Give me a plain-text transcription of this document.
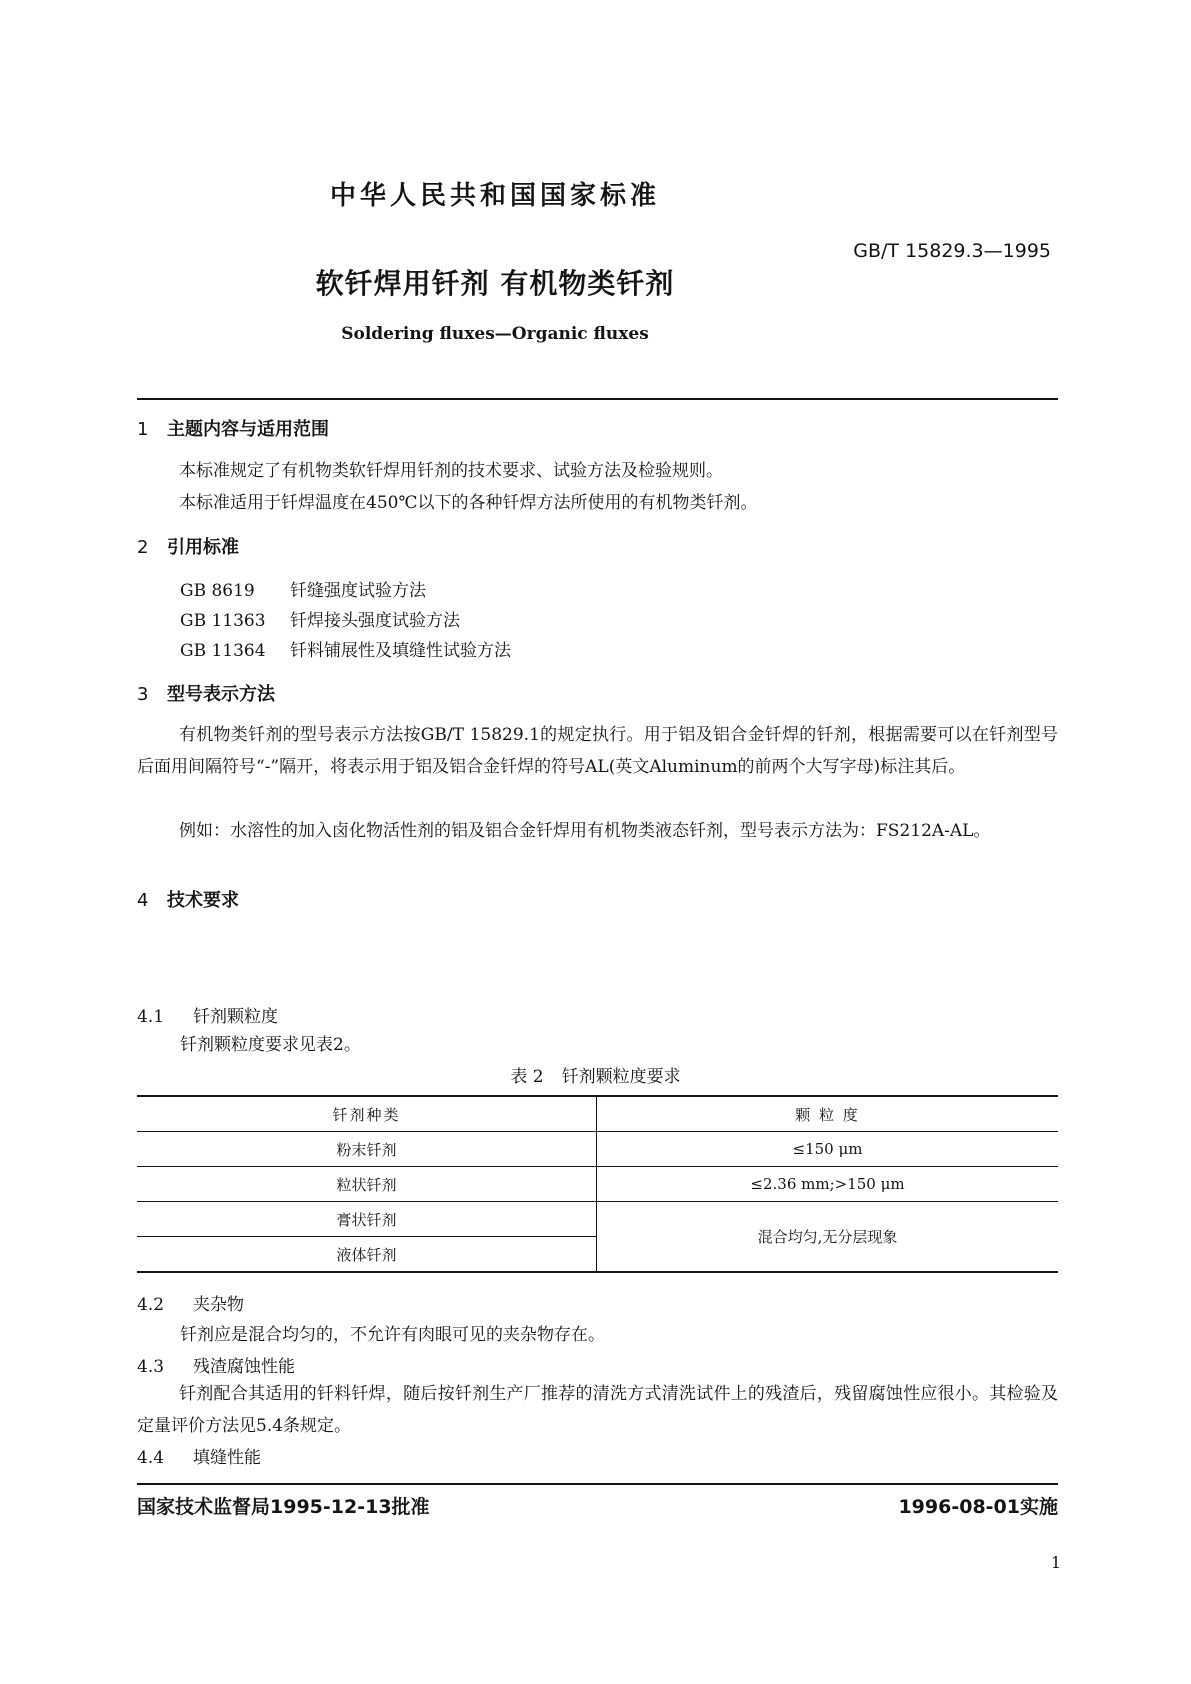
中华人民共和国国家标准
GB/T 15829.3—1995
软钎焊用钎剂 有机物类钎剂
Soldering fluxes—Organic fluxes
1 主题内容与适用范围
本标准规定了有机物类软钎焊用钎剂的技术要求、试验方法及检验规则。
本标准适用于钎焊温度在450℃以下的各种钎焊方法所使用的有机物类钎剂。
2 引用标准
GB 8619 钎缝强度试验方法
GB 11363 钎焊接头强度试验方法
GB 11364 钎料铺展性及填缝性试验方法
3 型号表示方法
有机物类钎剂的型号表示方法按GB/T 15829.1的规定执行。用于铝及铝合金钎焊的钎剂，根据需要可以在钎剂型号后面用间隔符号“-”隔开，将表示用于铝及铝合金钎焊的符号AL(英文Aluminum的前两个大写字母)标注其后。
例如：水溶性的加入卤化物活性剂的铝及铝合金钎焊用有机物类液态钎剂，型号表示方法为：FS212A-AL。
4 技术要求
4.1 钎剂颗粒度
钎剂颗粒度要求见表2。
表 2 钎剂颗粒度要求
钎剂种类	颗 粒 度
粉末钎剂	≤150 μm
粒状钎剂	≤2.36 mm;>150 μm
膏状钎剂	混合均匀,无分层现象
液体钎剂	
4.2 夹杂物
钎剂应是混合均匀的，不允许有肉眼可见的夹杂物存在。
4.3 残渣腐蚀性能
钎剂配合其适用的钎料钎焊，随后按钎剂生产厂推荐的清洗方式清洗试件上的残渣后，残留腐蚀性应很小。其检验及定量评价方法见5.4条规定。
4.4 填缝性能
国家技术监督局1995-12-13批准	1996-08-01实施
1
